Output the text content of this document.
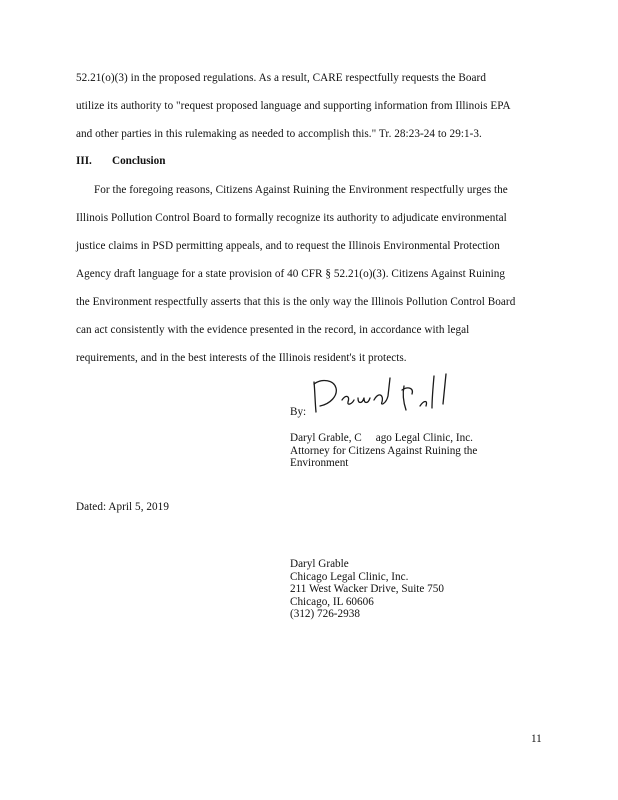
52.21(o)(3) in the proposed regulations. As a result, CARE respectfully requests the Board
utilize its authority to "request proposed language and supporting information from Illinois EPA
and other parties in this rulemaking as needed to accomplish this." Tr. 28:23-24 to 29:1-3.
III. Conclusion
For the foregoing reasons, Citizens Against Ruining the Environment respectfully urges the
Illinois Pollution Control Board to formally recognize its authority to adjudicate environmental
justice claims in PSD permitting appeals, and to request the Illinois Environmental Protection
Agency draft language for a state provision of 40 CFR § 52.21(o)(3). Citizens Against Ruining
the Environment respectfully asserts that this is the only way the Illinois Pollution Control Board
can act consistently with the evidence presented in the record, in accordance with legal
requirements, and in the best interests of the Illinois resident's it protects.
By:
Daryl Grable, C     ago Legal Clinic, Inc.
Attorney for Citizens Against Ruining the
Environment
Dated: April 5, 2019
Daryl Grable
Chicago Legal Clinic, Inc.
211 West Wacker Drive, Suite 750
Chicago, IL 60606
(312) 726-2938
11
